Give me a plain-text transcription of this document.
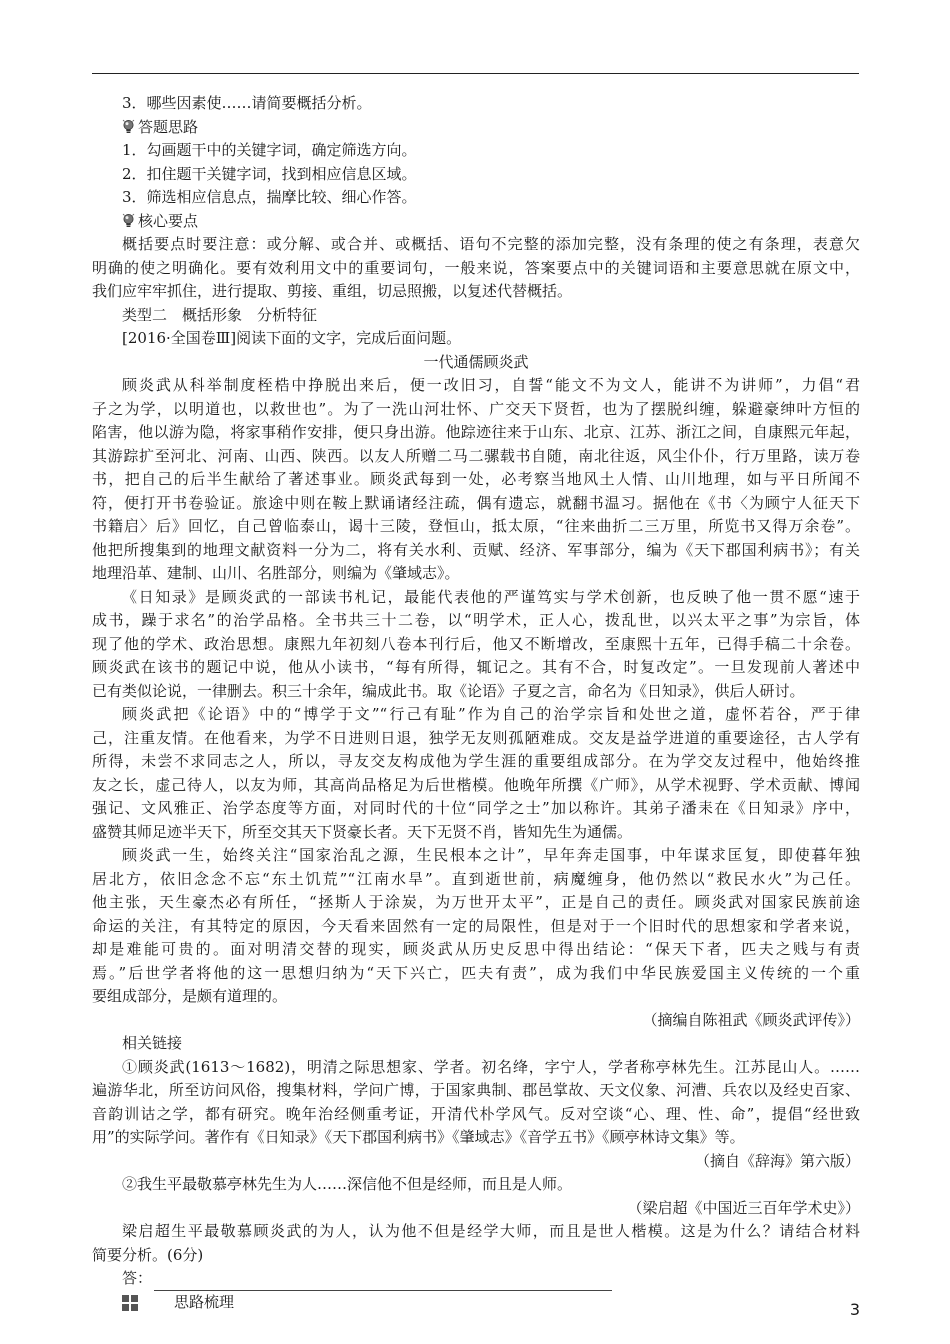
3．哪些因素使……请简要概括分析。
答题思路
1．勾画题干中的关键字词，确定筛选方向。
2．扣住题干关键字词，找到相应信息区域。
3．筛选相应信息点，揣摩比较、细心作答。
核心要点
概括要点时要注意：或分解、或合并、或概括、语句不完整的添加完整，没有条理的使之有条理，表意欠
明确的使之明确化。要有效利用文中的重要词句，一般来说，答案要点中的关键词语和主要意思就在原文中，
我们应牢牢抓住，进行提取、剪接、重组，切忌照搬，以复述代替概括。
类型二　概括形象　分析特征
[2016·全国卷Ⅲ]阅读下面的文字，完成后面问题。
一代通儒顾炎武
顾炎武从科举制度桎梏中挣脱出来后，便一改旧习，自誓“能文不为文人，能讲不为讲师”，力倡“君
子之为学，以明道也，以救世也”。为了一洗山河壮怀、广交天下贤哲，也为了摆脱纠缠，躲避豪绅叶方恒的
陷害，他以游为隐，将家事稍作安排，便只身出游。他踪迹往来于山东、北京、江苏、浙江之间，自康熙元年起，
其游踪扩至河北、河南、山西、陕西。以友人所赠二马二骡载书自随，南北往返，风尘仆仆，行万里路，读万卷
书，把自己的后半生献给了著述事业。顾炎武每到一处，必考察当地风土人情、山川地理，如与平日所闻不
符，便打开书卷验证。旅途中则在鞍上默诵诸经注疏，偶有遗忘，就翻书温习。据他在《书〈为顾宁人征天下
书籍启〉后》回忆，自己曾临泰山，谒十三陵，登恒山，抵太原，“往来曲折二三万里，所览书又得万余卷”。
他把所搜集到的地理文献资料一分为二，将有关水利、贡赋、经济、军事部分，编为《天下郡国利病书》；有关
地理沿革、建制、山川、名胜部分，则编为《肇域志》。
《日知录》是顾炎武的一部读书札记，最能代表他的严谨笃实与学术创新，也反映了他一贯不愿“速于
成书，躁于求名”的治学品格。全书共三十二卷，以“明学术，正人心，拨乱世，以兴太平之事”为宗旨，体
现了他的学术、政治思想。康熙九年初刻八卷本刊行后，他又不断增改，至康熙十五年，已得手稿二十余卷。
顾炎武在该书的题记中说，他从小读书，“每有所得，辄记之。其有不合，时复改定”。一旦发现前人著述中
已有类似论说，一律删去。积三十余年，编成此书。取《论语》子夏之言，命名为《日知录》，供后人研讨。
顾炎武把《论语》中的“博学于文”“行己有耻”作为自己的治学宗旨和处世之道，虚怀若谷，严于律
己，注重友情。在他看来，为学不日进则日退，独学无友则孤陋难成。交友是益学进道的重要途径，古人学有
所得，未尝不求同志之人，所以，寻友交友构成他为学生涯的重要组成部分。在为学交友过程中，他始终推
友之长，虚己待人，以友为师，其高尚品格足为后世楷模。他晚年所撰《广师》，从学术视野、学术贡献、博闻
强记、文风雅正、治学态度等方面，对同时代的十位“同学之士”加以称许。其弟子潘耒在《日知录》序中，
盛赞其师足迹半天下，所至交其天下贤豪长者。天下无贤不肖，皆知先生为通儒。
顾炎武一生，始终关注“国家治乱之源，生民根本之计”，早年奔走国事，中年谋求匡复，即使暮年独
居北方，依旧念念不忘“东土饥荒”“江南水旱”。直到逝世前，病魔缠身，他仍然以“救民水火”为己任。
他主张，天生豪杰必有所任，“拯斯人于涂炭，为万世开太平”，正是自己的责任。顾炎武对国家民族前途
命运的关注，有其特定的原因，今天看来固然有一定的局限性，但是对于一个旧时代的思想家和学者来说，
却是难能可贵的。面对明清交替的现实，顾炎武从历史反思中得出结论：“保天下者，匹夫之贱与有责
焉。”后世学者将他的这一思想归纳为“天下兴亡，匹夫有责”，成为我们中华民族爱国主义传统的一个重
要组成部分，是颇有道理的。
（摘编自陈祖武《顾炎武评传》）
相关链接
①顾炎武(1613～1682)，明清之际思想家、学者。初名绛，字宁人，学者称亭林先生。江苏昆山人。……
遍游华北，所至访问风俗，搜集材料，学问广博，于国家典制、郡邑掌故、天文仪象、河漕、兵农以及经史百家、
音韵训诂之学，都有研究。晚年治经侧重考证，开清代朴学风气。反对空谈“心、理、性、命”，提倡“经世致
用”的实际学问。著作有《日知录》《天下郡国利病书》《肇域志》《音学五书》《顾亭林诗文集》等。
（摘自《辞海》第六版）
②我生平最敬慕亭林先生为人……深信他不但是经师，而且是人师。
（梁启超《中国近三百年学术史》）
梁启超生平最敬慕顾炎武的为人，认为他不但是经学大师，而且是世人楷模。这是为什么？请结合材料
简要分析。(6分)
答：
思路梳理	3
